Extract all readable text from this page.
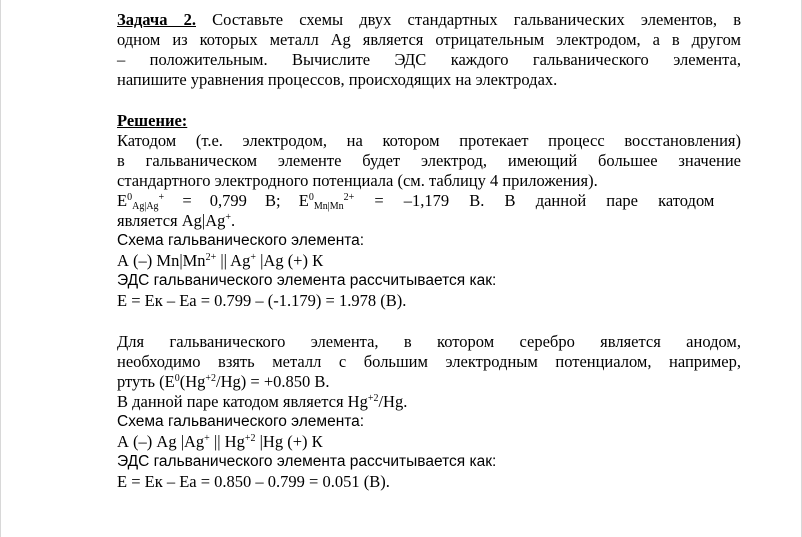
Задача 2. Составьте схемы двух стандартных гальванических элементов, в
одном из которых металл Ag является отрицательным электродом, а в другом
– положительным. Вычислите ЭДС каждого гальванического элемента,
напишите уравнения процессов, происходящих на электродах.
Решение:
Катодом (т.е. электродом, на котором протекает процесс восстановления)
в гальваническом элементе будет электрод, имеющий большее значение
стандартного электродного потенциала (см. таблицу 4 приложения).
$E^0_{Ag|Ag}^+ = 0,799$ В; $E^0_{Mn|Mn}^{2+} = -1,179$ В. В данной паре катодом
является Ag|Ag+.
Схема гальванического элемента:
А (–) $Mn|Mn^{2+}$ || Ag+ |Ag (+) К
ЭДС гальванического элемента рассчитывается как:
Е = Ек – Еа = 0.799 – (-1.179) = 1.978 (В).
Для гальванического элемента, в котором серебро является анодом,
необходимо взять металл с большим электродным потенциалом, например,
ртуть ($E^0(Hg^{+2}/Hg) = +0.850$ В.
В данной паре катодом является $Hg^{+2}/Hg$.
Схема гальванического элемента:
А (–) Ag |Ag+ || $Hg^{+2}$ |Hg (+) К
ЭДС гальванического элемента рассчитывается как:
Е = Ек – Еа = 0.850 – 0.799 = 0.051 (В).
